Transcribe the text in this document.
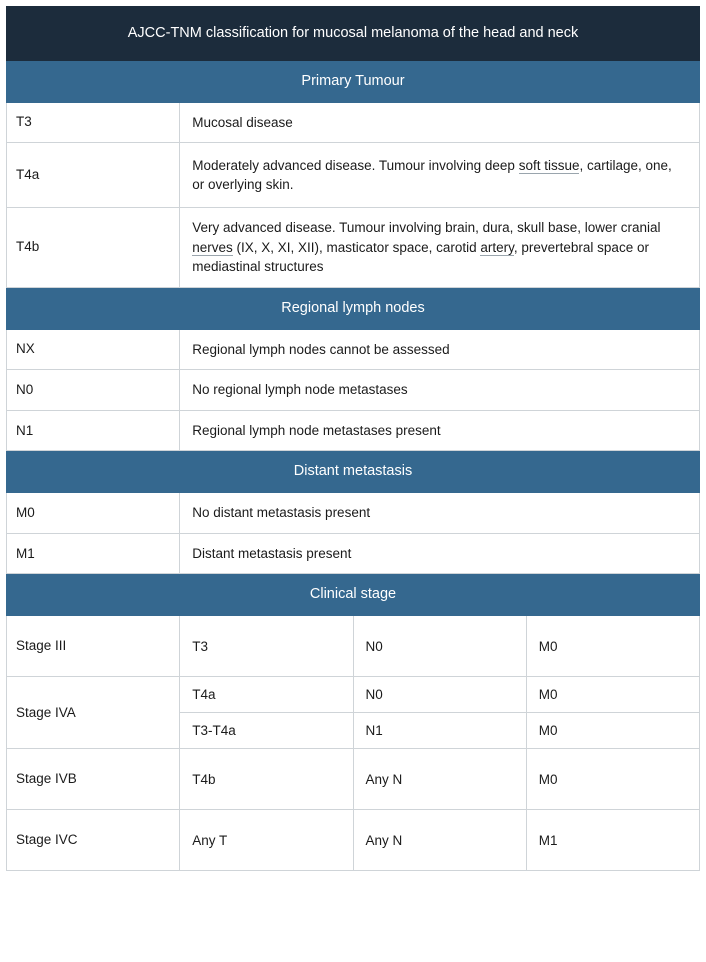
AJCC-TNM classification for mucosal melanoma of the head and neck			
Primary Tumour			
T3	Mucosal disease		
T4a	Moderately advanced disease. Tumour involving deep soft tissue, cartilage, one, or overlying skin.		
T4b	Very advanced disease. Tumour involving brain, dura, skull base, lower cranial nerves (IX, X, XI, XII), masticator space, carotid artery, prevertebral space or mediastinal structures		
Regional lymph nodes			
NX	Regional lymph nodes cannot be assessed		
N0	No regional lymph node metastases		
N1	Regional lymph node metastases present		
Distant metastasis			
M0	No distant metastasis present		
M1	Distant metastasis present		
Clinical stage			
Stage III	T3	N0	M0
Stage IVA	T4a	N0	M0
	T3-T4a	N1	M0
Stage IVB	T4b	Any N	M0
Stage IVC	Any T	Any N	M1
